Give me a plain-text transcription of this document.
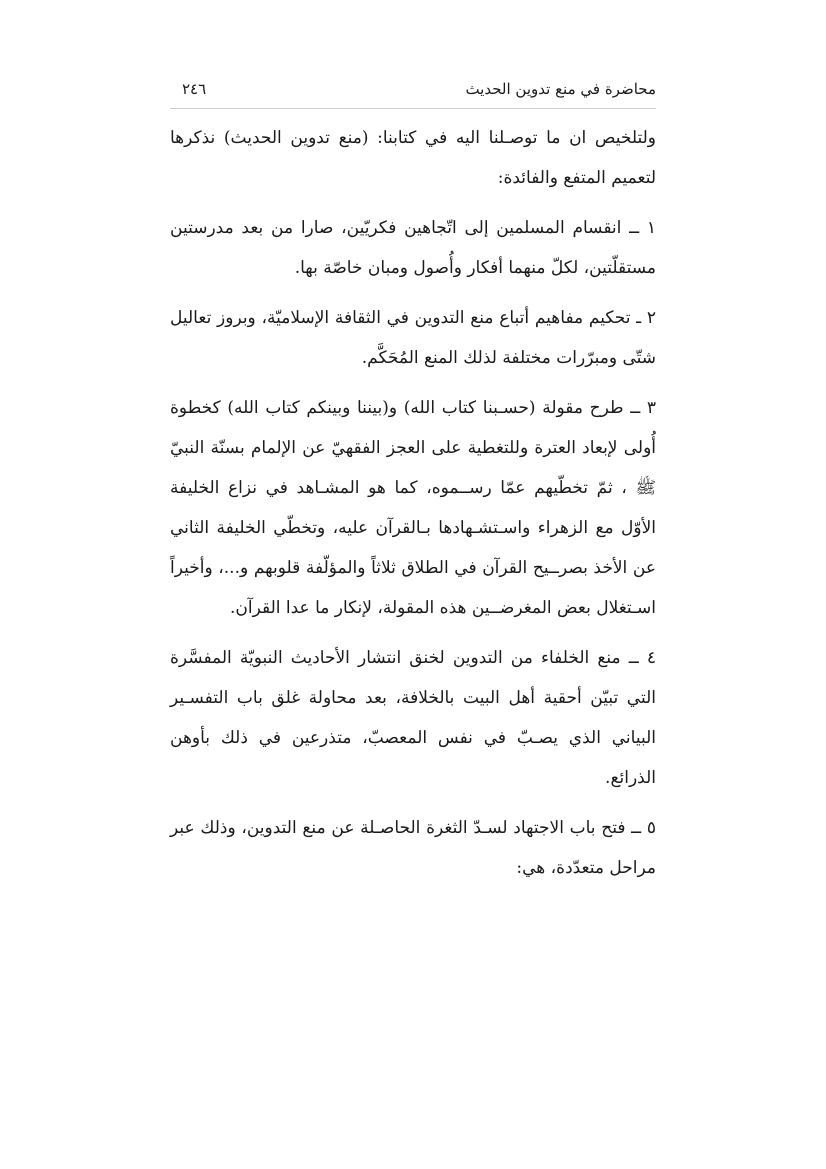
محاضرة في منع تدوين الحديث
٢٤٦

ولتلخيص ان ما توصـلنا اليه في كتابنا: (منع تدوين الحديث) نذكرها لتعميم المتفع والفائدة:

١ ــ انقسام المسلمين إلى اتّجاهين فكريّين، صارا من بعد مدرستين مستقلّتين، لكلّ منهما أفكار وأُصول ومبان خاصّة بها.

٢ ـ تحكيم مفاهيم أتباع منع التدوين في الثقافة الإسلاميّة، وبروز تعاليل شتّى ومبرّرات مختلفة لذلك المنع المُحَكَّم.

٣ ــ طرح مقولة (حسـبنا كتاب الله) و(بيننا وبينكم كتاب الله) كخطوة أُولى لإبعاد العترة وللتغطية على العجز الفقهيّ عن الإلمام بسنّة النبيّ ﷺ ، ثمّ تخطّيهم عمّا رســموه، كما هو المشـاهد في نزاع الخليفة الأوّل مع الزهراء واسـتشـهادها بـالقرآن عليه، وتخطّي الخليفة الثاني عن الأخذ بصرــيح القرآن في الطلاق ثلاثاً والمؤلّفة قلوبهم و...، وأخيراً اسـتغلال بعض المغرضــين هذه المقولة، لإنكار ما عدا القرآن.

٤ ــ منع الخلفاء من التدوين لخنق انتشار الأحاديث النبويّة المفسَّرة التي تبيّن أحقية أهل البيت بالخلافة، بعد محاولة غلق باب التفسـير البياني الذي يصـبّ في نفس المعصبّ، متذرعين في ذلك بأوهن الذرائع.

٥ ــ فتح باب الاجتهاد لسـدّ الثغرة الحاصـلة عن منع التدوين، وذلك عبر مراحل متعدّدة، هي:
